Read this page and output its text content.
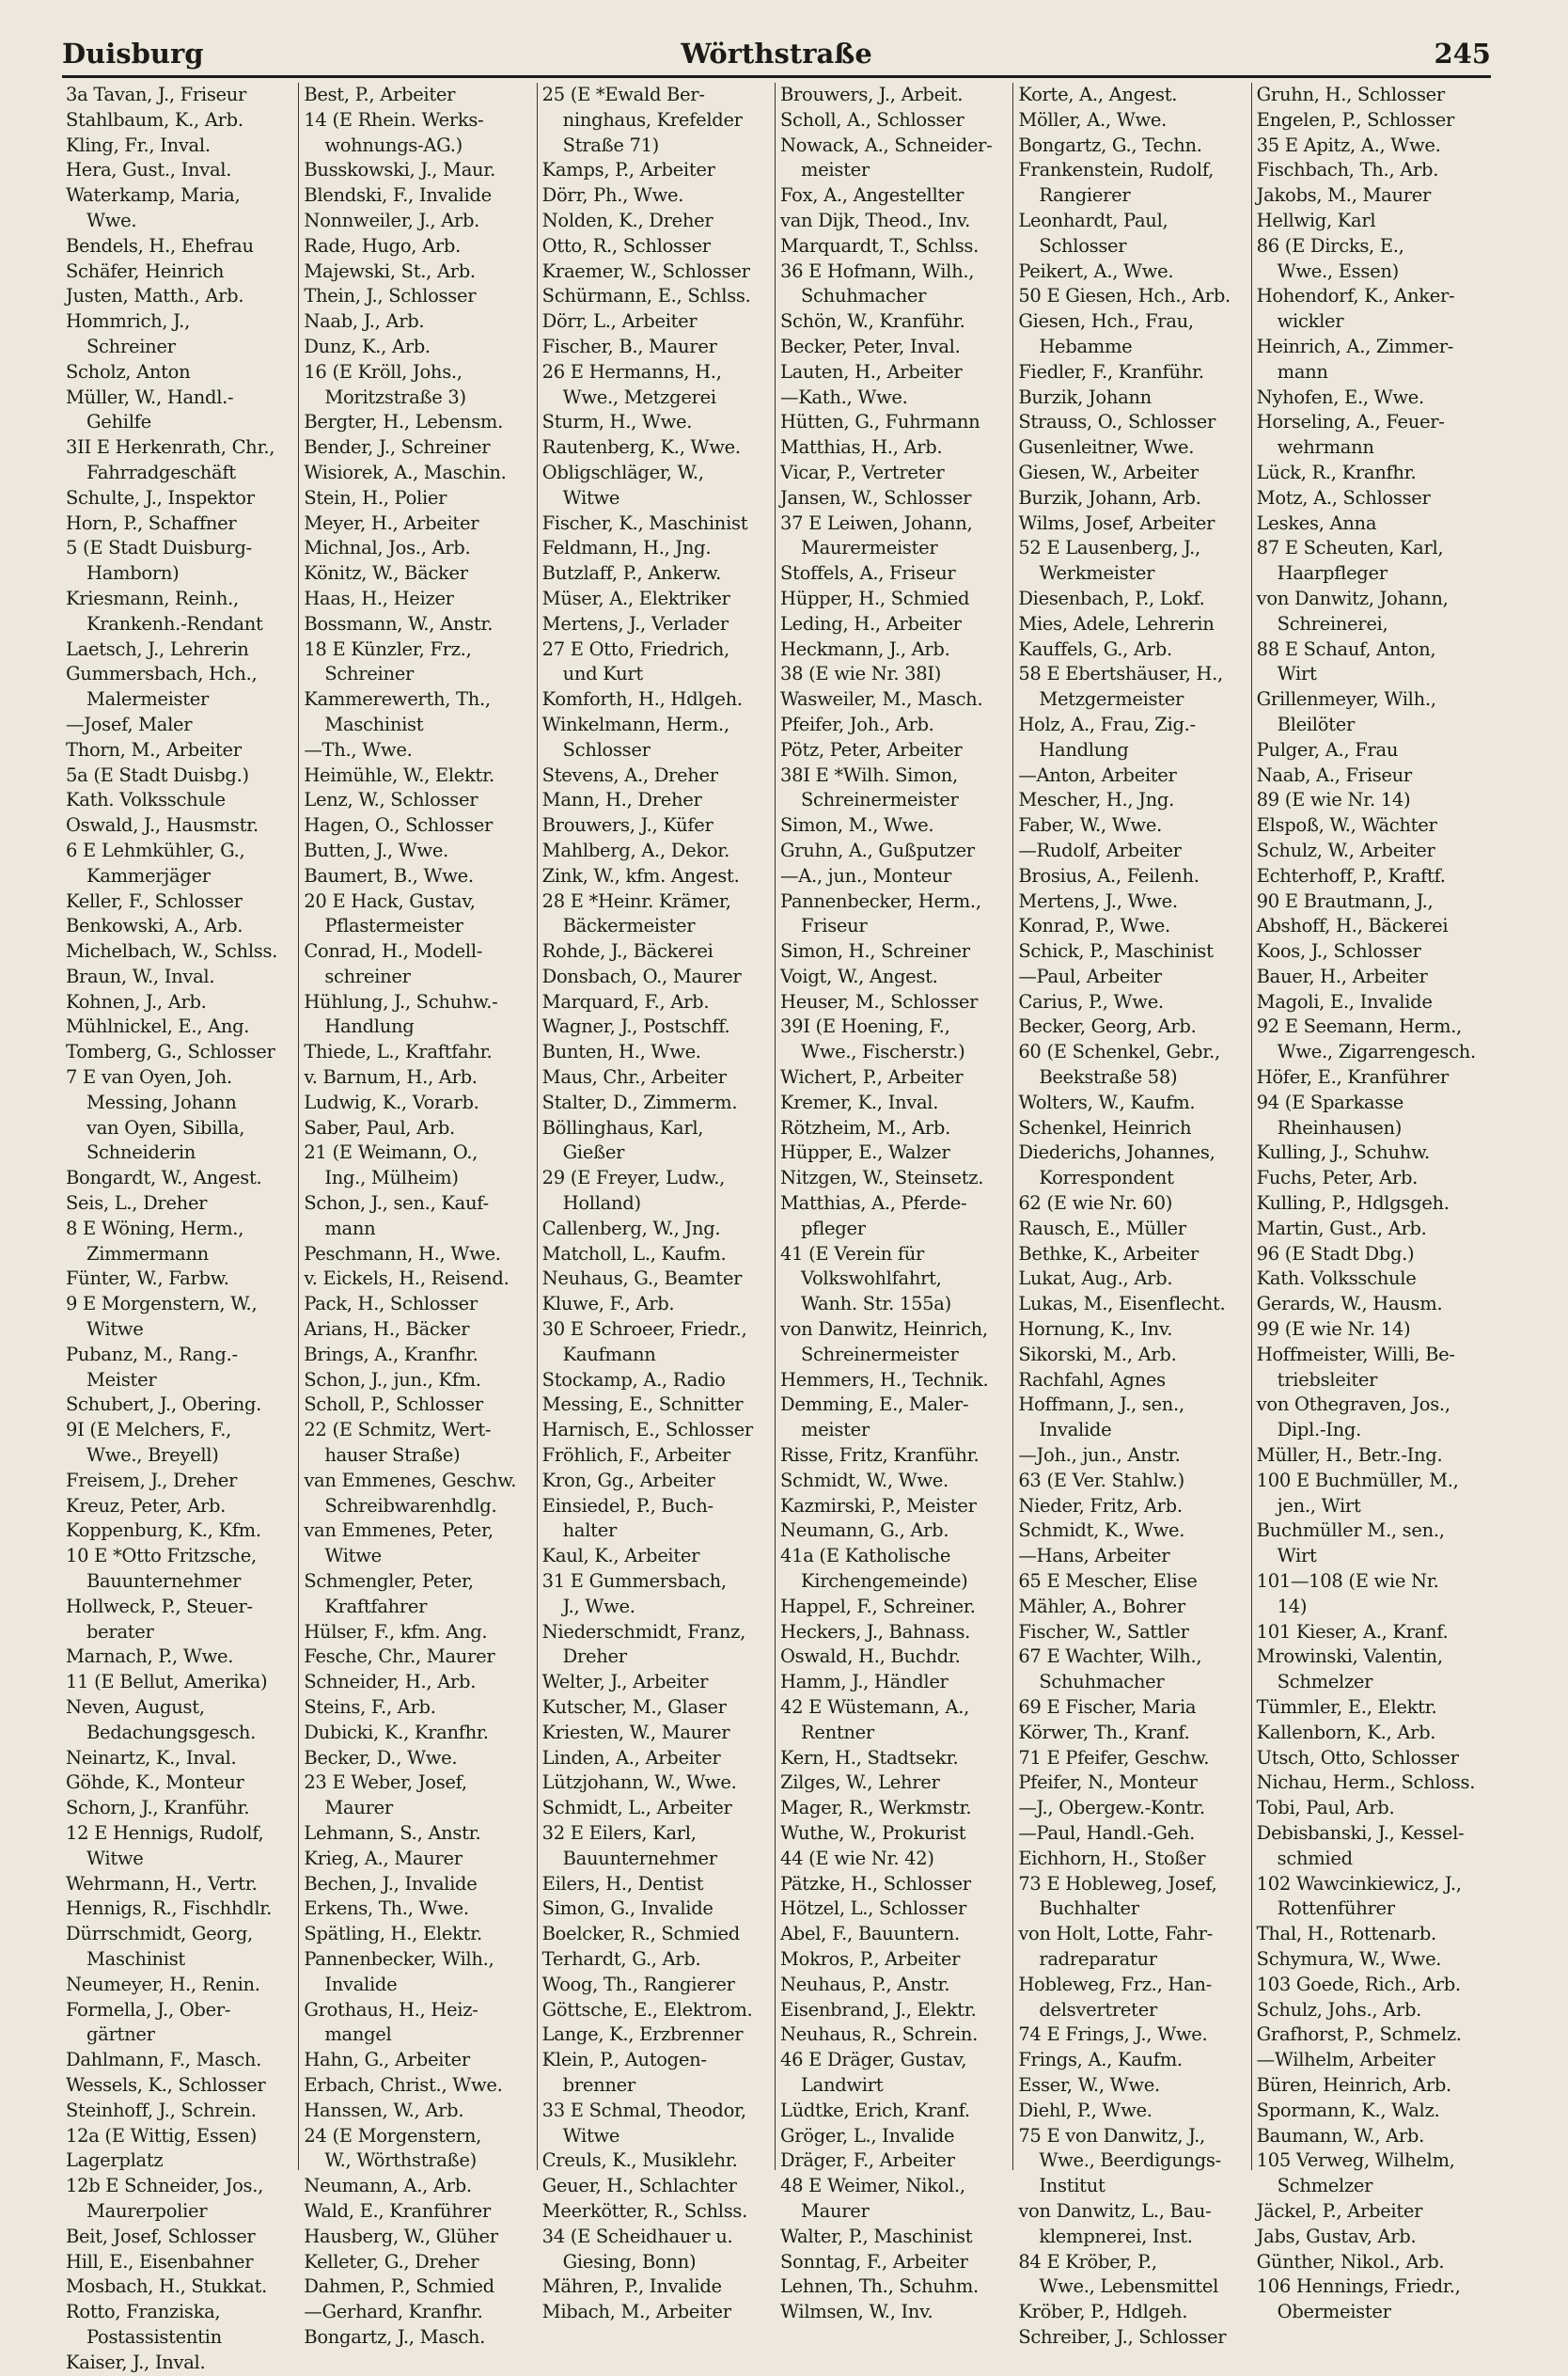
Wörthstraße
Duisburg	245
3a Tavan, J., Friseur
Stahlbaum, K., Arb.
Kling, Fr., Inval.
Hera, Gust., Inval.
Waterkamp, Maria,
Wwe.
Bendels, H., Ehefrau
Schäfer, Heinrich
Justen, Matth., Arb.
Hommrich, J.,
Schreiner
Scholz, Anton
Müller, W., Handl.-
Gehilfe
3II E Herkenrath, Chr.,
Fahrradgeschäft
Schulte, J., Inspektor
Horn, P., Schaffner
5 (E Stadt Duisburg-
Hamborn)
Kriesmann, Reinh.,
Krankenh.-Rendant
Laetsch, J., Lehrerin
Gummersbach, Hch.,
Malermeister
—Josef, Maler
Thorn, M., Arbeiter
5a (E Stadt Duisbg.)
Kath. Volksschule
Oswald, J., Hausmstr.
6 E Lehmkühler, G.,
Kammerjäger
Keller, F., Schlosser
Benkowski, A., Arb.
Michelbach, W., Schlss.
Braun, W., Inval.
Kohnen, J., Arb.
Mühlnickel, E., Ang.
Tomberg, G., Schlosser
7 E van Oyen, Joh.
Messing, Johann
van Oyen, Sibilla,
Schneiderin
Bongardt, W., Angest.
Seis, L., Dreher
8 E Wöning, Herm.,
Zimmermann
Fünter, W., Farbw.
9 E Morgenstern, W.,
Witwe
Pubanz, M., Rang.-
Meister
Schubert, J., Obering.
9I (E Melchers, F.,
Wwe., Breyell)
Freisem, J., Dreher
Kreuz, Peter, Arb.
Koppenburg, K., Kfm.
10 E *Otto Fritzsche,
Bauunternehmer
Hollweck, P., Steuer-
berater
Marnach, P., Wwe.
11 (E Bellut, Amerika)
Neven, August,
Bedachungsgesch.
Neinartz, K., Inval.
Göhde, K., Monteur
Schorn, J., Kranführ.
12 E Hennigs, Rudolf,
Witwe
Wehrmann, H., Vertr.
Hennigs, R., Fischhdlr.
Dürrschmidt, Georg,
Maschinist
Neumeyer, H., Renin.
Formella, J., Ober-
gärtner
Dahlmann, F., Masch.
Wessels, K., Schlosser
Steinhoff, J., Schrein.
12a (E Wittig, Essen)
Lagerplatz
12b E Schneider, Jos.,
Maurerpolier
Beit, Josef, Schlosser
Hill, E., Eisenbahner
Mosbach, H., Stukkat.
Rotto, Franziska,
Postassistentin
Kaiser, J., Inval.
Best, P., Arbeiter
14 (E Rhein. Werks-
wohnungs-AG.)
Busskowski, J., Maur.
Blendski, F., Invalide
Nonnweiler, J., Arb.
Rade, Hugo, Arb.
Majewski, St., Arb.
Thein, J., Schlosser
Naab, J., Arb.
Dunz, K., Arb.
16 (E Kröll, Johs.,
Moritzstraße 3)
Bergter, H., Lebensm.
Bender, J., Schreiner
Wisiorek, A., Maschin.
Stein, H., Polier
Meyer, H., Arbeiter
Michnal, Jos., Arb.
Könitz, W., Bäcker
Haas, H., Heizer
Bossmann, W., Anstr.
18 E Künzler, Frz.,
Schreiner
Kammerewerth, Th.,
Maschinist
—Th., Wwe.
Heimühle, W., Elektr.
Lenz, W., Schlosser
Hagen, O., Schlosser
Butten, J., Wwe.
Baumert, B., Wwe.
20 E Hack, Gustav,
Pflastermeister
Conrad, H., Modell-
schreiner
Hühlung, J., Schuhw.-
Handlung
Thiede, L., Kraftfahr.
v. Barnum, H., Arb.
Ludwig, K., Vorarb.
Saber, Paul, Arb.
21 (E Weimann, O.,
Ing., Mülheim)
Schon, J., sen., Kauf-
mann
Peschmann, H., Wwe.
v. Eickels, H., Reisend.
Pack, H., Schlosser
Arians, H., Bäcker
Brings, A., Kranfhr.
Schon, J., jun., Kfm.
Scholl, P., Schlosser
22 (E Schmitz, Wert-
hauser Straße)
van Emmenes, Geschw.
Schreibwarenhdlg.
van Emmenes, Peter,
Witwe
Schmengler, Peter,
Kraftfahrer
Hülser, F., kfm. Ang.
Fesche, Chr., Maurer
Schneider, H., Arb.
Steins, F., Arb.
Dubicki, K., Kranfhr.
Becker, D., Wwe.
23 E Weber, Josef,
Maurer
Lehmann, S., Anstr.
Krieg, A., Maurer
Bechen, J., Invalide
Erkens, Th., Wwe.
Spätling, H., Elektr.
Pannenbecker, Wilh.,
Invalide
Grothaus, H., Heiz-
mangel
Hahn, G., Arbeiter
Erbach, Christ., Wwe.
Hanssen, W., Arb.
24 (E Morgenstern,
W., Wörthstraße)
Neumann, A., Arb.
Wald, E., Kranführer
Hausberg, W., Glüher
Kelleter, G., Dreher
Dahmen, P., Schmied
—Gerhard, Kranfhr.
Bongartz, J., Masch.
25 (E *Ewald Ber-
ninghaus, Krefelder
Straße 71)
Kamps, P., Arbeiter
Dörr, Ph., Wwe.
Nolden, K., Dreher
Otto, R., Schlosser
Kraemer, W., Schlosser
Schürmann, E., Schlss.
Dörr, L., Arbeiter
Fischer, B., Maurer
26 E Hermanns, H.,
Wwe., Metzgerei
Sturm, H., Wwe.
Rautenberg, K., Wwe.
Obligschläger, W.,
Witwe
Fischer, K., Maschinist
Feldmann, H., Jng.
Butzlaff, P., Ankerw.
Müser, A., Elektriker
Mertens, J., Verlader
27 E Otto, Friedrich,
und Kurt
Komforth, H., Hdlgeh.
Winkelmann, Herm.,
Schlosser
Stevens, A., Dreher
Mann, H., Dreher
Brouwers, J., Küfer
Mahlberg, A., Dekor.
Zink, W., kfm. Angest.
28 E *Heinr. Krämer,
Bäckermeister
Rohde, J., Bäckerei
Donsbach, O., Maurer
Marquard, F., Arb.
Wagner, J., Postschff.
Bunten, H., Wwe.
Maus, Chr., Arbeiter
Stalter, D., Zimmerm.
Böllinghaus, Karl,
Gießer
29 (E Freyer, Ludw.,
Holland)
Callenberg, W., Jng.
Matcholl, L., Kaufm.
Neuhaus, G., Beamter
Kluwe, F., Arb.
30 E Schroeer, Friedr.,
Kaufmann
Stockamp, A., Radio
Messing, E., Schnitter
Harnisch, E., Schlosser
Fröhlich, F., Arbeiter
Kron, Gg., Arbeiter
Einsiedel, P., Buch-
halter
Kaul, K., Arbeiter
31 E Gummersbach,
J., Wwe.
Niederschmidt, Franz,
Dreher
Welter, J., Arbeiter
Kutscher, M., Glaser
Kriesten, W., Maurer
Linden, A., Arbeiter
Lützjohann, W., Wwe.
Schmidt, L., Arbeiter
32 E Eilers, Karl,
Bauunternehmer
Eilers, H., Dentist
Simon, G., Invalide
Boelcker, R., Schmied
Terhardt, G., Arb.
Woog, Th., Rangierer
Göttsche, E., Elektrom.
Lange, K., Erzbrenner
Klein, P., Autogen-
brenner
33 E Schmal, Theodor,
Witwe
Creuls, K., Musiklehr.
Geuer, H., Schlachter
Meerkötter, R., Schlss.
34 (E Scheidhauer u.
Giesing, Bonn)
Mähren, P., Invalide
Mibach, M., Arbeiter
Brouwers, J., Arbeit.
Scholl, A., Schlosser
Nowack, A., Schneider-
meister
Fox, A., Angestellter
van Dijk, Theod., Inv.
Marquardt, T., Schlss.
36 E Hofmann, Wilh.,
Schuhmacher
Schön, W., Kranführ.
Becker, Peter, Inval.
Lauten, H., Arbeiter
—Kath., Wwe.
Hütten, G., Fuhrmann
Matthias, H., Arb.
Vicar, P., Vertreter
Jansen, W., Schlosser
37 E Leiwen, Johann,
Maurermeister
Stoffels, A., Friseur
Hüpper, H., Schmied
Leding, H., Arbeiter
Heckmann, J., Arb.
38 (E wie Nr. 38I)
Wasweiler, M., Masch.
Pfeifer, Joh., Arb.
Pötz, Peter, Arbeiter
38I E *Wilh. Simon,
Schreinermeister
Simon, M., Wwe.
Gruhn, A., Gußputzer
—A., jun., Monteur
Pannenbecker, Herm.,
Friseur
Simon, H., Schreiner
Voigt, W., Angest.
Heuser, M., Schlosser
39I (E Hoening, F.,
Wwe., Fischerstr.)
Wichert, P., Arbeiter
Kremer, K., Inval.
Rötzheim, M., Arb.
Hüpper, E., Walzer
Nitzgen, W., Steinsetz.
Matthias, A., Pferde-
pfleger
41 (E Verein für
Volkswohlfahrt,
Wanh. Str. 155a)
von Danwitz, Heinrich,
Schreinermeister
Hemmers, H., Technik.
Demming, E., Maler-
meister
Risse, Fritz, Kranführ.
Schmidt, W., Wwe.
Kazmirski, P., Meister
Neumann, G., Arb.
41a (E Katholische
Kirchengemeinde)
Happel, F., Schreiner.
Heckers, J., Bahnass.
Oswald, H., Buchdr.
Hamm, J., Händler
42 E Wüstemann, A.,
Rentner
Kern, H., Stadtsekr.
Zilges, W., Lehrer
Mager, R., Werkmstr.
Wuthe, W., Prokurist
44 (E wie Nr. 42)
Pätzke, H., Schlosser
Hötzel, L., Schlosser
Abel, F., Bauuntern.
Mokros, P., Arbeiter
Neuhaus, P., Anstr.
Eisenbrand, J., Elektr.
Neuhaus, R., Schrein.
46 E Dräger, Gustav,
Landwirt
Lüdtke, Erich, Kranf.
Gröger, L., Invalide
Dräger, F., Arbeiter
48 E Weimer, Nikol.,
Maurer
Walter, P., Maschinist
Sonntag, F., Arbeiter
Lehnen, Th., Schuhm.
Wilmsen, W., Inv.
Korte, A., Angest.
Möller, A., Wwe.
Bongartz, G., Techn.
Frankenstein, Rudolf,
Rangierer
Leonhardt, Paul,
Schlosser
Peikert, A., Wwe.
50 E Giesen, Hch., Arb.
Giesen, Hch., Frau,
Hebamme
Fiedler, F., Kranführ.
Burzik, Johann
Strauss, O., Schlosser
Gusenleitner, Wwe.
Giesen, W., Arbeiter
Burzik, Johann, Arb.
Wilms, Josef, Arbeiter
52 E Lausenberg, J.,
Werkmeister
Diesenbach, P., Lokf.
Mies, Adele, Lehrerin
Kauffels, G., Arb.
58 E Ebertshäuser, H.,
Metzgermeister
Holz, A., Frau, Zig.-
Handlung
—Anton, Arbeiter
Mescher, H., Jng.
Faber, W., Wwe.
—Rudolf, Arbeiter
Brosius, A., Feilenh.
Mertens, J., Wwe.
Konrad, P., Wwe.
Schick, P., Maschinist
—Paul, Arbeiter
Carius, P., Wwe.
Becker, Georg, Arb.
60 (E Schenkel, Gebr.,
Beekstraße 58)
Wolters, W., Kaufm.
Schenkel, Heinrich
Diederichs, Johannes,
Korrespondent
62 (E wie Nr. 60)
Rausch, E., Müller
Bethke, K., Arbeiter
Lukat, Aug., Arb.
Lukas, M., Eisenflecht.
Hornung, K., Inv.
Sikorski, M., Arb.
Rachfahl, Agnes
Hoffmann, J., sen.,
Invalide
—Joh., jun., Anstr.
63 (E Ver. Stahlw.)
Nieder, Fritz, Arb.
Schmidt, K., Wwe.
—Hans, Arbeiter
65 E Mescher, Elise
Mähler, A., Bohrer
Fischer, W., Sattler
67 E Wachter, Wilh.,
Schuhmacher
69 E Fischer, Maria
Körwer, Th., Kranf.
71 E Pfeifer, Geschw.
Pfeifer, N., Monteur
—J., Obergew.-Kontr.
—Paul, Handl.-Geh.
Eichhorn, H., Stoßer
73 E Hobleweg, Josef,
Buchhalter
von Holt, Lotte, Fahr-
radreparatur
Hobleweg, Frz., Han-
delsvertreter
74 E Frings, J., Wwe.
Frings, A., Kaufm.
Esser, W., Wwe.
Diehl, P., Wwe.
75 E von Danwitz, J.,
Wwe., Beerdigungs-
Institut
von Danwitz, L., Bau-
klempnerei, Inst.
84 E Kröber, P.,
Wwe., Lebensmittel
Kröber, P., Hdlgeh.
Schreiber, J., Schlosser
Gruhn, H., Schlosser
Engelen, P., Schlosser
35 E Apitz, A., Wwe.
Fischbach, Th., Arb.
Jakobs, M., Maurer
Hellwig, Karl
86 (E Dircks, E.,
Wwe., Essen)
Hohendorf, K., Anker-
wickler
Heinrich, A., Zimmer-
mann
Nyhofen, E., Wwe.
Horseling, A., Feuer-
wehrmann
Lück, R., Kranfhr.
Motz, A., Schlosser
Leskes, Anna
87 E Scheuten, Karl,
Haarpfleger
von Danwitz, Johann,
Schreinerei,
88 E Schauf, Anton,
Wirt
Grillenmeyer, Wilh.,
Bleilöter
Pulger, A., Frau
Naab, A., Friseur
89 (E wie Nr. 14)
Elspoß, W., Wächter
Schulz, W., Arbeiter
Echterhoff, P., Kraftf.
90 E Brautmann, J.,
Abshoff, H., Bäckerei
Koos, J., Schlosser
Bauer, H., Arbeiter
Magoli, E., Invalide
92 E Seemann, Herm.,
Wwe., Zigarrengesch.
Höfer, E., Kranführer
94 (E Sparkasse
Rheinhausen)
Kulling, J., Schuhw.
Fuchs, Peter, Arb.
Kulling, P., Hdlgsgeh.
Martin, Gust., Arb.
96 (E Stadt Dbg.)
Kath. Volksschule
Gerards, W., Hausm.
99 (E wie Nr. 14)
Hoffmeister, Willi, Be-
triebsleiter
von Othegraven, Jos.,
Dipl.-Ing.
Müller, H., Betr.-Ing.
100 E Buchmüller, M.,
jen., Wirt
Buchmüller M., sen.,
Wirt
101—108 (E wie Nr.
14)
101 Kieser, A., Kranf.
Mrowinski, Valentin,
Schmelzer
Tümmler, E., Elektr.
Kallenborn, K., Arb.
Utsch, Otto, Schlosser
Nichau, Herm., Schloss.
Tobi, Paul, Arb.
Debisbanski, J., Kessel-
schmied
102 Wawcinkiewicz, J.,
Rottenführer
Thal, H., Rottenarb.
Schymura, W., Wwe.
103 Goede, Rich., Arb.
Schulz, Johs., Arb.
Grafhorst, P., Schmelz.
—Wilhelm, Arbeiter
Büren, Heinrich, Arb.
Spormann, K., Walz.
Baumann, W., Arb.
105 Verweg, Wilhelm,
Schmelzer
Jäckel, P., Arbeiter
Jabs, Gustav, Arb.
Günther, Nikol., Arb.
106 Hennings, Friedr.,
Obermeister
